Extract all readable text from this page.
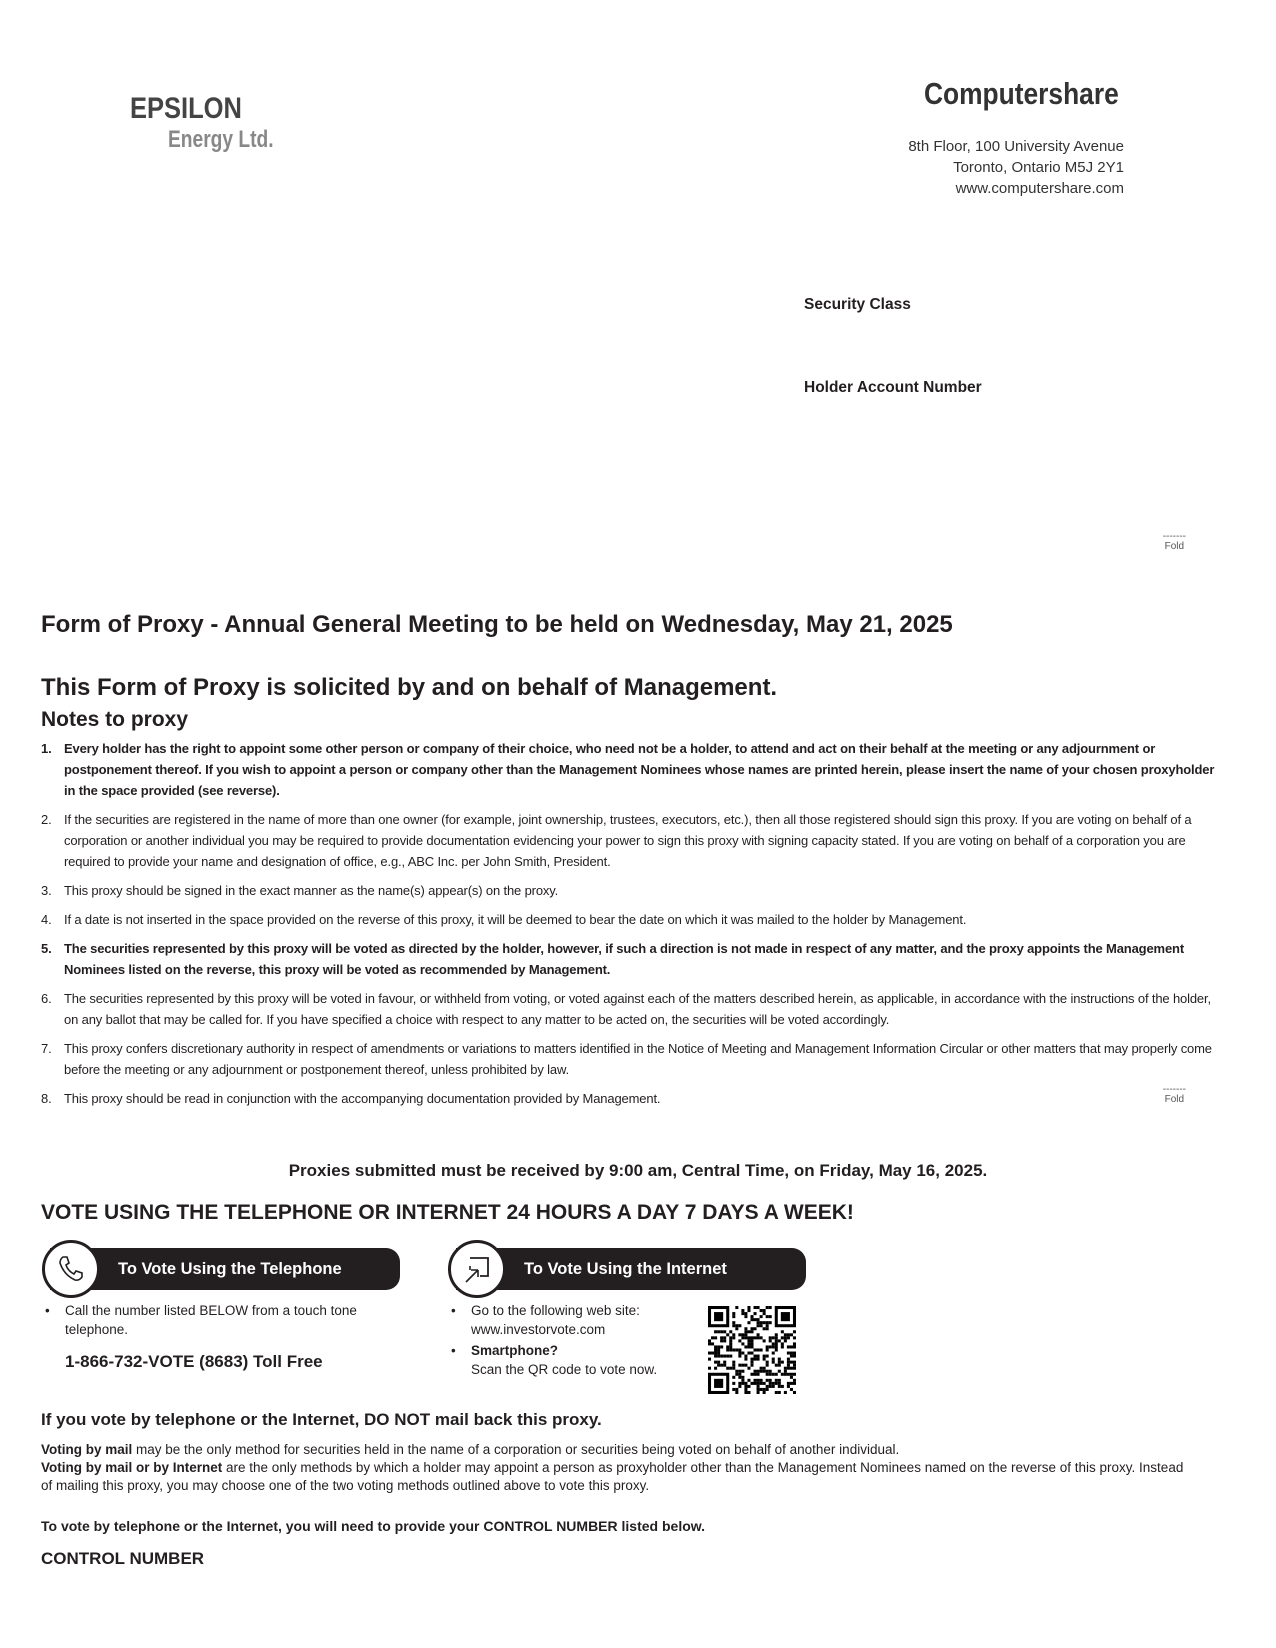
EPSILON
Energy Ltd.
Computershare
8th Floor, 100 University Avenue
Toronto, Ontario M5J 2Y1
www.computershare.com
Security Class
Holder Account Number
-------
Fold
-------
Fold
Form of Proxy - Annual General Meeting to be held on Wednesday, May 21, 2025
This Form of Proxy is solicited by and on behalf of Management.
Notes to proxy
1. Every holder has the right to appoint some other person or company of their choice, who need not be a holder, to attend and act on their behalf at the meeting or any adjournment or postponement thereof. If you wish to appoint a person or company other than the Management Nominees whose names are printed herein, please insert the name of your chosen proxyholder in the space provided (see reverse).
2. If the securities are registered in the name of more than one owner (for example, joint ownership, trustees, executors, etc.), then all those registered should sign this proxy. If you are voting on behalf of a corporation or another individual you may be required to provide documentation evidencing your power to sign this proxy with signing capacity stated. If you are voting on behalf of a corporation you are required to provide your name and designation of office, e.g., ABC Inc. per John Smith, President.
3. This proxy should be signed in the exact manner as the name(s) appear(s) on the proxy.
4. If a date is not inserted in the space provided on the reverse of this proxy, it will be deemed to bear the date on which it was mailed to the holder by Management.
5. The securities represented by this proxy will be voted as directed by the holder, however, if such a direction is not made in respect of any matter, and the proxy appoints the Management Nominees listed on the reverse, this proxy will be voted as recommended by Management.
6. The securities represented by this proxy will be voted in favour, or withheld from voting, or voted against each of the matters described herein, as applicable, in accordance with the instructions of the holder, on any ballot that may be called for. If you have specified a choice with respect to any matter to be acted on, the securities will be voted accordingly.
7. This proxy confers discretionary authority in respect of amendments or variations to matters identified in the Notice of Meeting and Management Information Circular or other matters that may properly come before the meeting or any adjournment or postponement thereof, unless prohibited by law.
8. This proxy should be read in conjunction with the accompanying documentation provided by Management.
Proxies submitted must be received by 9:00 am, Central Time, on Friday, May 16, 2025.
VOTE USING THE TELEPHONE OR INTERNET 24 HOURS A DAY 7 DAYS A WEEK!
To Vote Using the Telephone	To Vote Using the Internet
• Call the number listed BELOW from a touch tone telephone.
1-866-732-VOTE (8683) Toll Free
• Go to the following web site:
www.investorvote.com
• Smartphone?
Scan the QR code to vote now.
If you vote by telephone or the Internet, DO NOT mail back this proxy.
Voting by mail may be the only method for securities held in the name of a corporation or securities being voted on behalf of another individual.
Voting by mail or by Internet are the only methods by which a holder may appoint a person as proxyholder other than the Management Nominees named on the reverse of this proxy. Instead of mailing this proxy, you may choose one of the two voting methods outlined above to vote this proxy.
To vote by telephone or the Internet, you will need to provide your CONTROL NUMBER listed below.
CONTROL NUMBER
